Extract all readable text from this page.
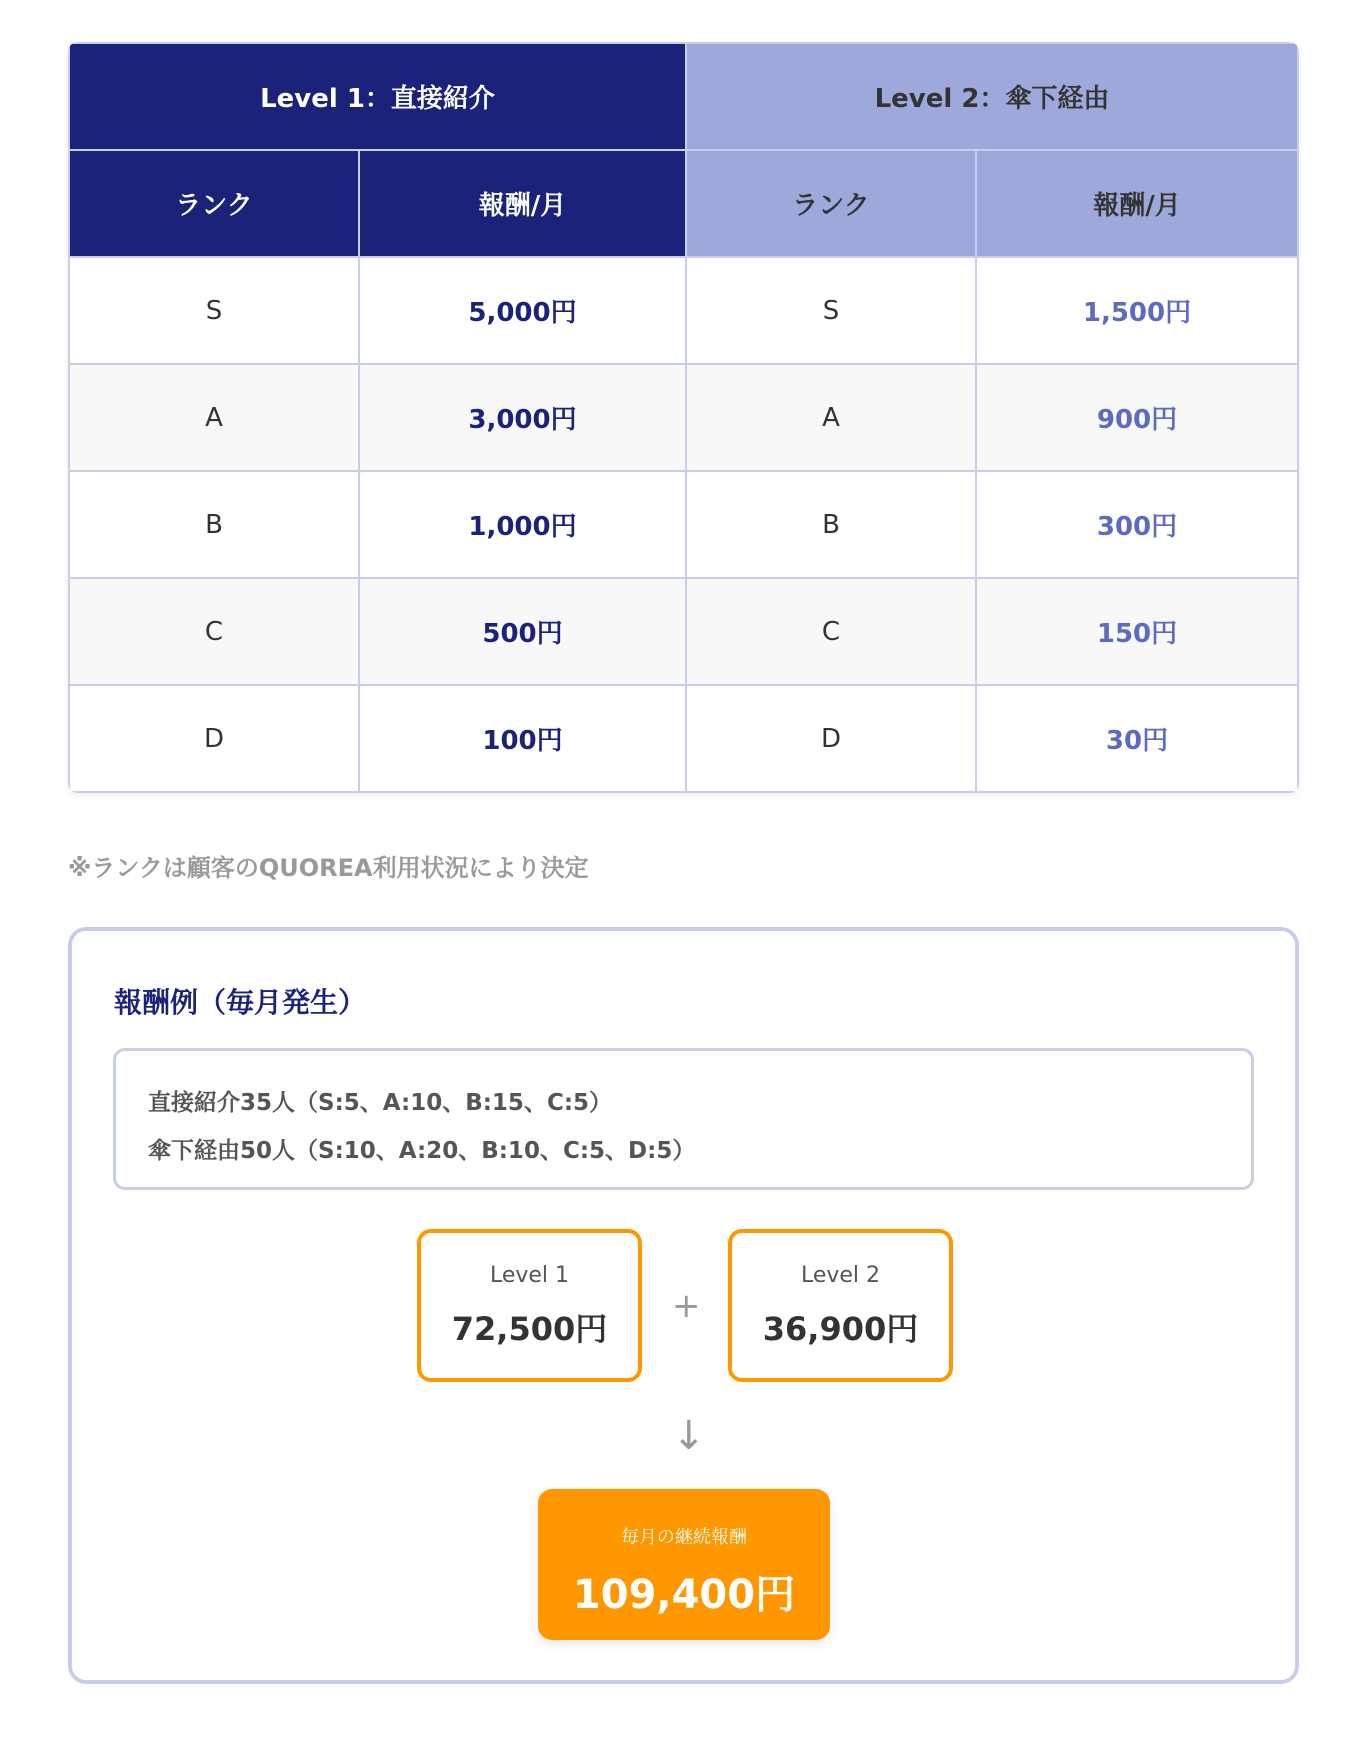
Level 1：直接紹介		Level 2：傘下経由	
ランク	報酬/月	ランク	報酬/月
S	5,000円	S	1,500円
A	3,000円	A	900円
B	1,000円	B	300円
C	500円	C	150円
D	100円	D	30円
※ランクは顧客のQUOREA利用状況により決定
報酬例（毎月発生）
直接紹介35人（S:5、A:10、B:15、C:5）
傘下経由50人（S:10、A:20、B:10、C:5、D:5）
Level 1
72,500円
+
Level 2
36,900円
↓
毎月の継続報酬
109,400円
